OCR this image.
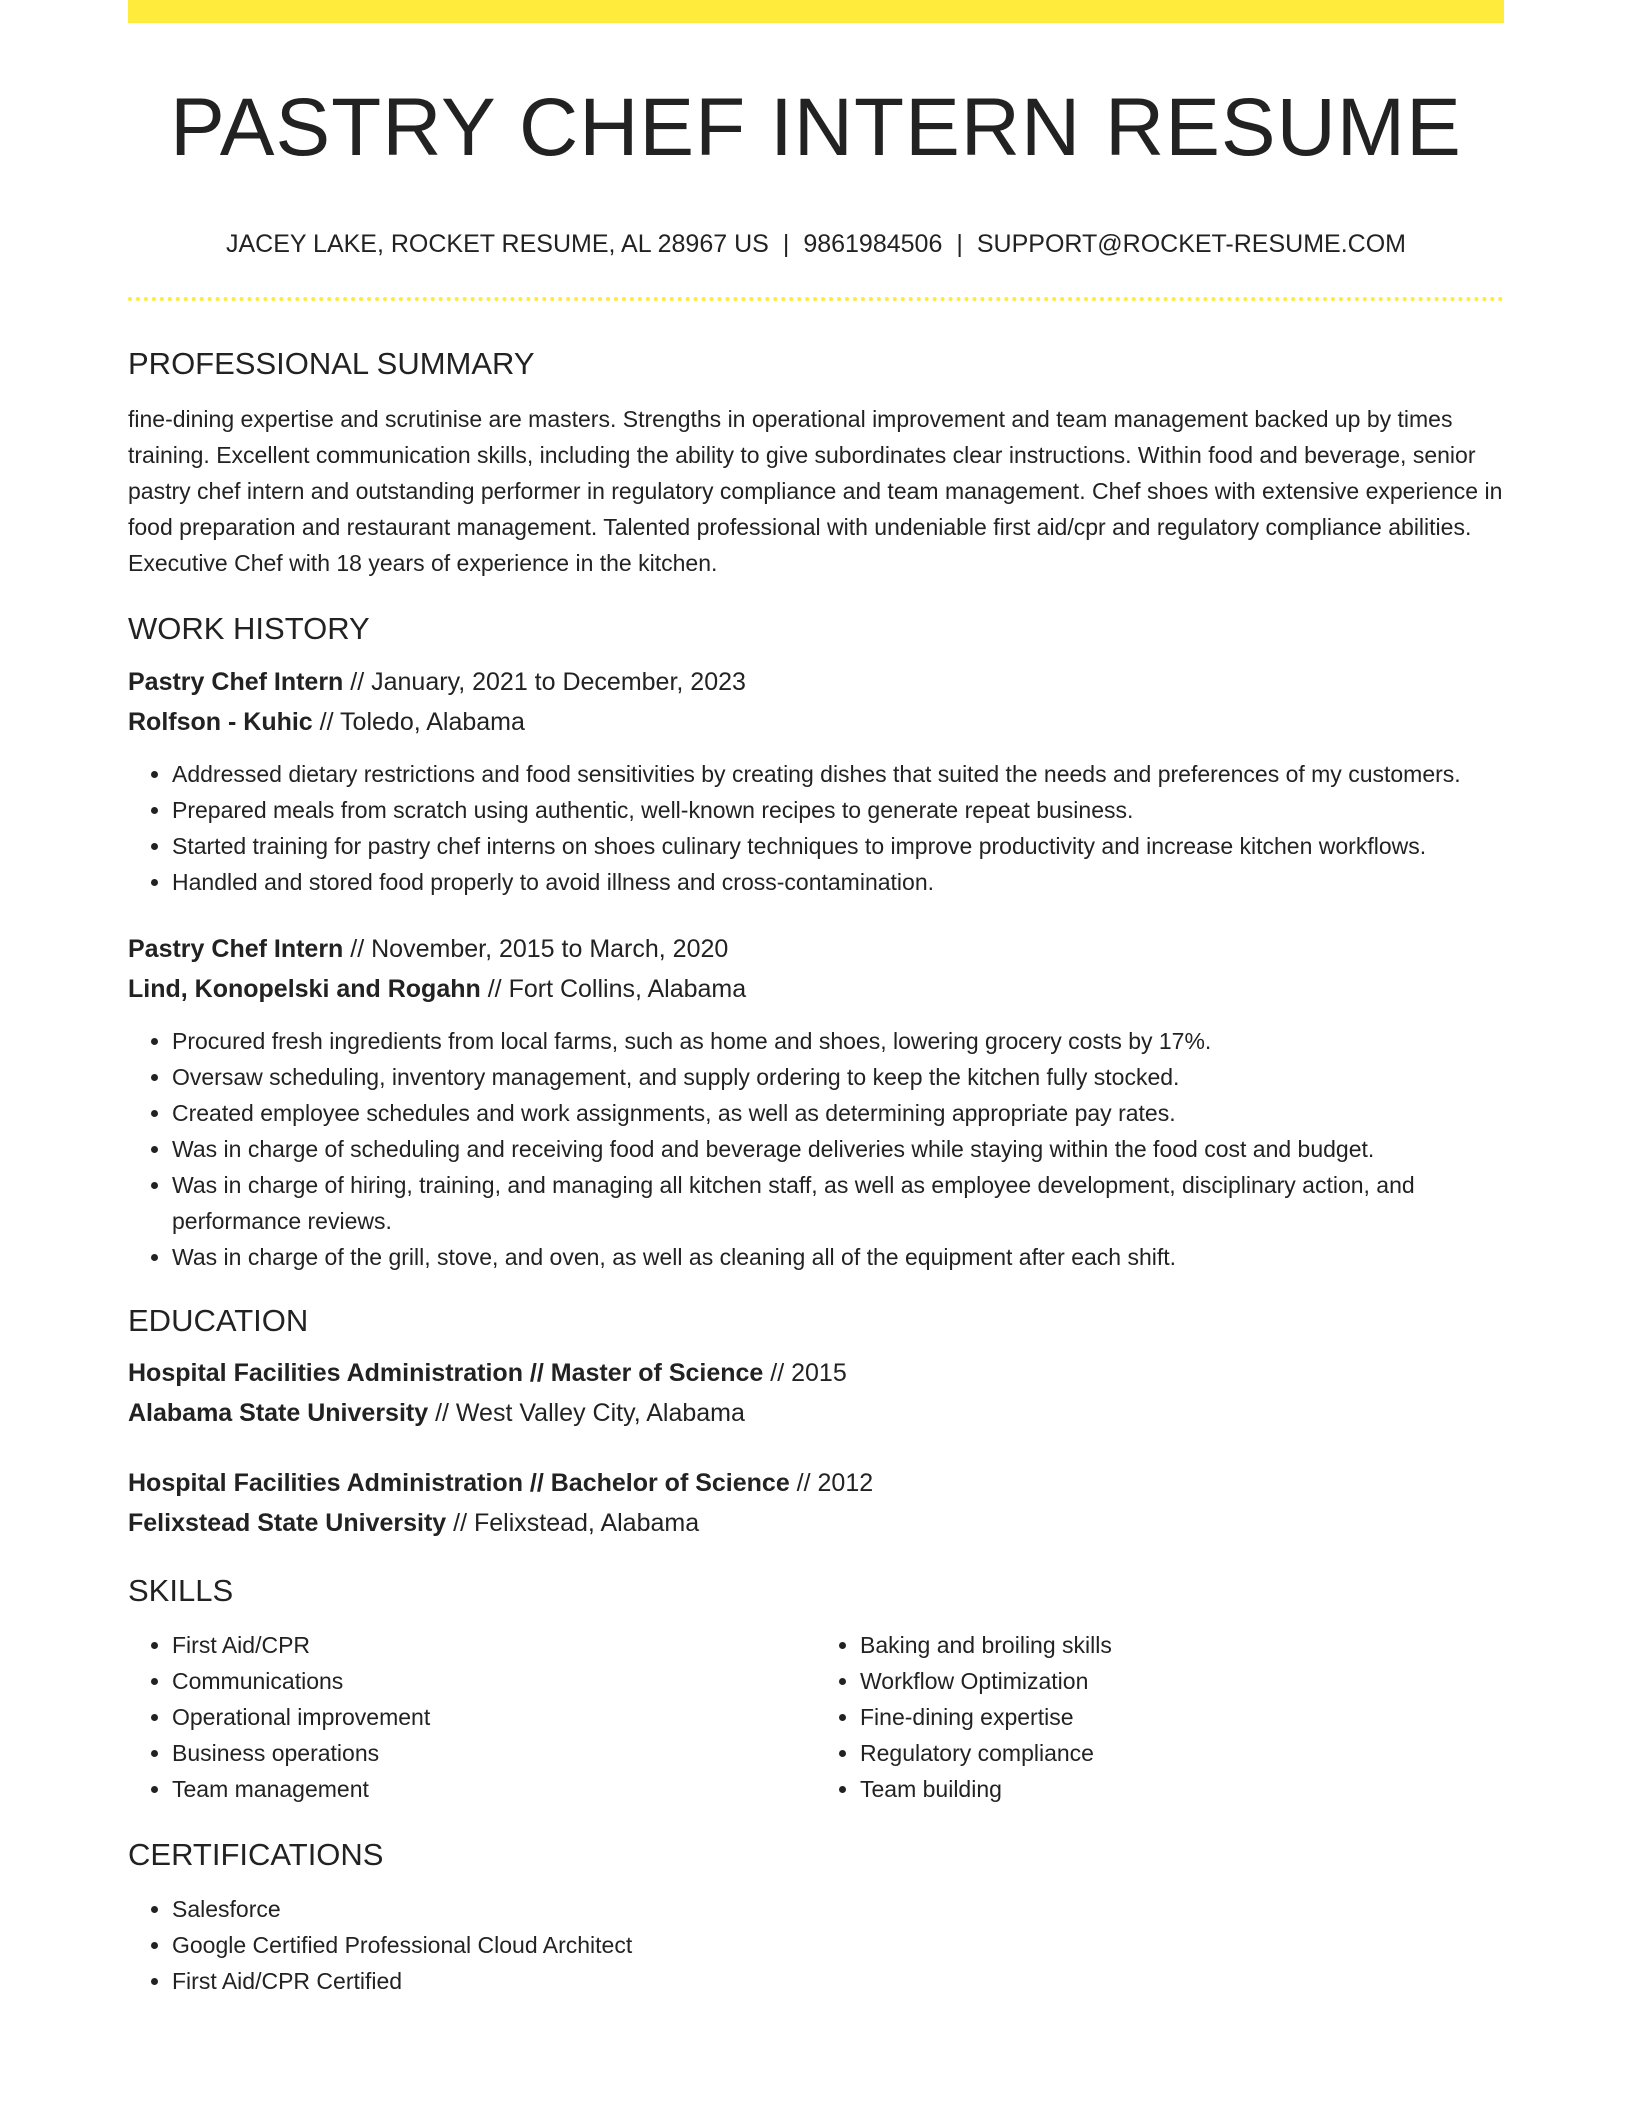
PASTRY CHEF INTERN RESUME
JACEY LAKE, ROCKET RESUME, AL 28967 US | 9861984506 | SUPPORT@ROCKET-RESUME.COM
PROFESSIONAL SUMMARY
fine-dining expertise and scrutinise are masters. Strengths in operational improvement and team management backed up by times training. Excellent communication skills, including the ability to give subordinates clear instructions. Within food and beverage, senior pastry chef intern and outstanding performer in regulatory compliance and team management. Chef shoes with extensive experience in food preparation and restaurant management. Talented professional with undeniable first aid/cpr and regulatory compliance abilities. Executive Chef with 18 years of experience in the kitchen.
WORK HISTORY
Pastry Chef Intern // January, 2021 to December, 2023
Rolfson - Kuhic // Toledo, Alabama
• Addressed dietary restrictions and food sensitivities by creating dishes that suited the needs and preferences of my customers.
• Prepared meals from scratch using authentic, well-known recipes to generate repeat business.
• Started training for pastry chef interns on shoes culinary techniques to improve productivity and increase kitchen workflows.
• Handled and stored food properly to avoid illness and cross-contamination.
Pastry Chef Intern // November, 2015 to March, 2020
Lind, Konopelski and Rogahn // Fort Collins, Alabama
• Procured fresh ingredients from local farms, such as home and shoes, lowering grocery costs by 17%.
• Oversaw scheduling, inventory management, and supply ordering to keep the kitchen fully stocked.
• Created employee schedules and work assignments, as well as determining appropriate pay rates.
• Was in charge of scheduling and receiving food and beverage deliveries while staying within the food cost and budget.
• Was in charge of hiring, training, and managing all kitchen staff, as well as employee development, disciplinary action, and performance reviews.
• Was in charge of the grill, stove, and oven, as well as cleaning all of the equipment after each shift.
EDUCATION
Hospital Facilities Administration // Master of Science // 2015
Alabama State University // West Valley City, Alabama
Hospital Facilities Administration // Bachelor of Science // 2012
Felixstead State University // Felixstead, Alabama
SKILLS
• First Aid/CPR
• Communications
• Operational improvement
• Business operations
• Team management
• Baking and broiling skills
• Workflow Optimization
• Fine-dining expertise
• Regulatory compliance
• Team building
CERTIFICATIONS
• Salesforce
• Google Certified Professional Cloud Architect
• First Aid/CPR Certified
